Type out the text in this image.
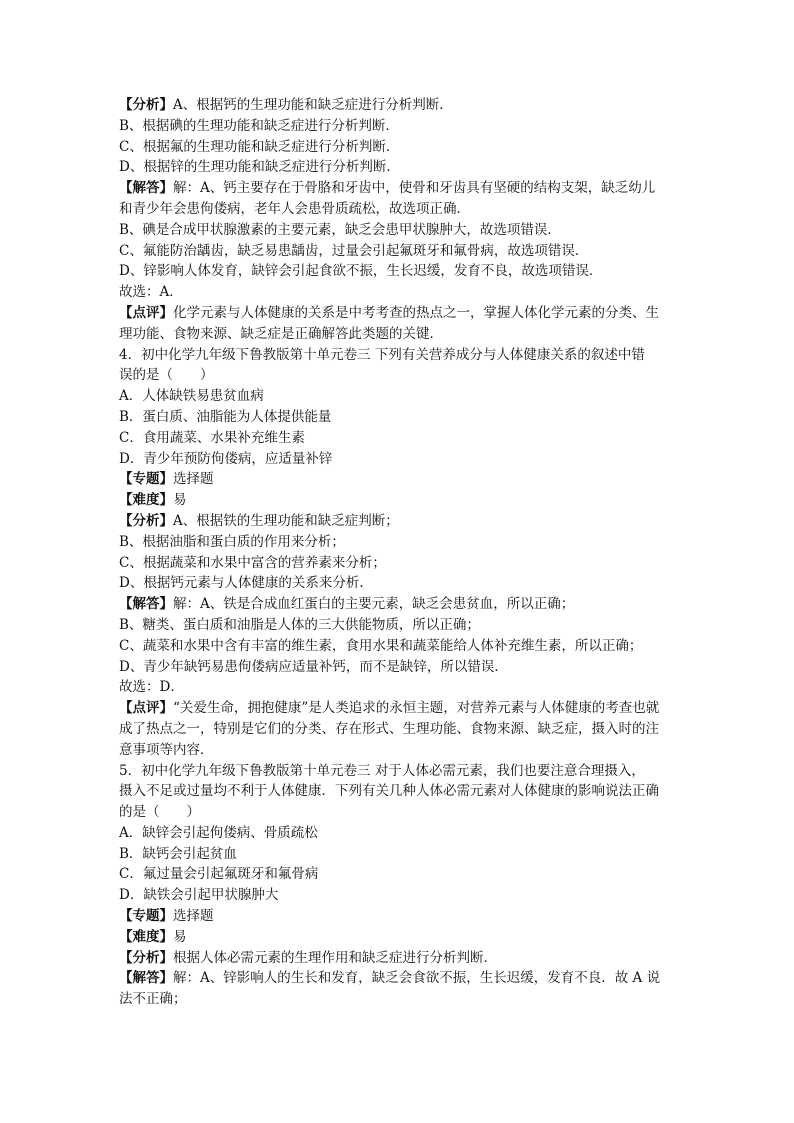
【分析】A、根据钙的生理功能和缺乏症进行分析判断．
B、根据碘的生理功能和缺乏症进行分析判断．
C、根据氟的生理功能和缺乏症进行分析判断．
D、根据锌的生理功能和缺乏症进行分析判断．
【解答】解：A、钙主要存在于骨胳和牙齿中，使骨和牙齿具有坚硬的结构支架，缺乏幼儿
和青少年会患佝偻病，老年人会患骨质疏松，故选项正确．
B、碘是合成甲状腺激素的主要元素，缺乏会患甲状腺肿大，故选项错误．
C、氟能防治龋齿，缺乏易患龋齿，过量会引起氟斑牙和氟骨病，故选项错误．
D、锌影响人体发育，缺锌会引起食欲不振，生长迟缓，发育不良，故选项错误．
故选：A．
【点评】化学元素与人体健康的关系是中考考查的热点之一，掌握人体化学元素的分类、生
理功能、食物来源、缺乏症是正确解答此类题的关键．
4．初中化学九年级下鲁教版第十单元卷三 下列有关营养成分与人体健康关系的叙述中错
误的是（　　）
A．人体缺铁易患贫血病
B．蛋白质、油脂能为人体提供能量
C．食用蔬菜、水果补充维生素
D．青少年预防佝偻病，应适量补锌
【专题】选择题
【难度】易
【分析】A、根据铁的生理功能和缺乏症判断；
B、根据油脂和蛋白质的作用来分析；
C、根据蔬菜和水果中富含的营养素来分析；
D、根据钙元素与人体健康的关系来分析．
【解答】解：A、铁是合成血红蛋白的主要元素，缺乏会患贫血，所以正确；
B、糖类、蛋白质和油脂是人体的三大供能物质，所以正确；
C、蔬菜和水果中含有丰富的维生素，食用水果和蔬菜能给人体补充维生素，所以正确；
D、青少年缺钙易患佝偻病应适量补钙，而不是缺锌，所以错误．
故选：D．
【点评】“关爱生命，拥抱健康”是人类追求的永恒主题，对营养元素与人体健康的考查也就
成了热点之一，特别是它们的分类、存在形式、生理功能、食物来源、缺乏症，摄入时的注
意事项等内容．
5．初中化学九年级下鲁教版第十单元卷三 对于人体必需元素，我们也要注意合理摄入，
摄入不足或过量均不利于人体健康．下列有关几种人体必需元素对人体健康的影响说法正确
的是（　　）
A．缺锌会引起佝偻病、骨质疏松
B．缺钙会引起贫血
C．氟过量会引起氟斑牙和氟骨病
D．缺铁会引起甲状腺肿大
【专题】选择题
【难度】易
【分析】根据人体必需元素的生理作用和缺乏症进行分析判断．
【解答】解：A、锌影响人的生长和发育，缺乏会食欲不振，生长迟缓，发育不良．故 A 说
法不正确；
